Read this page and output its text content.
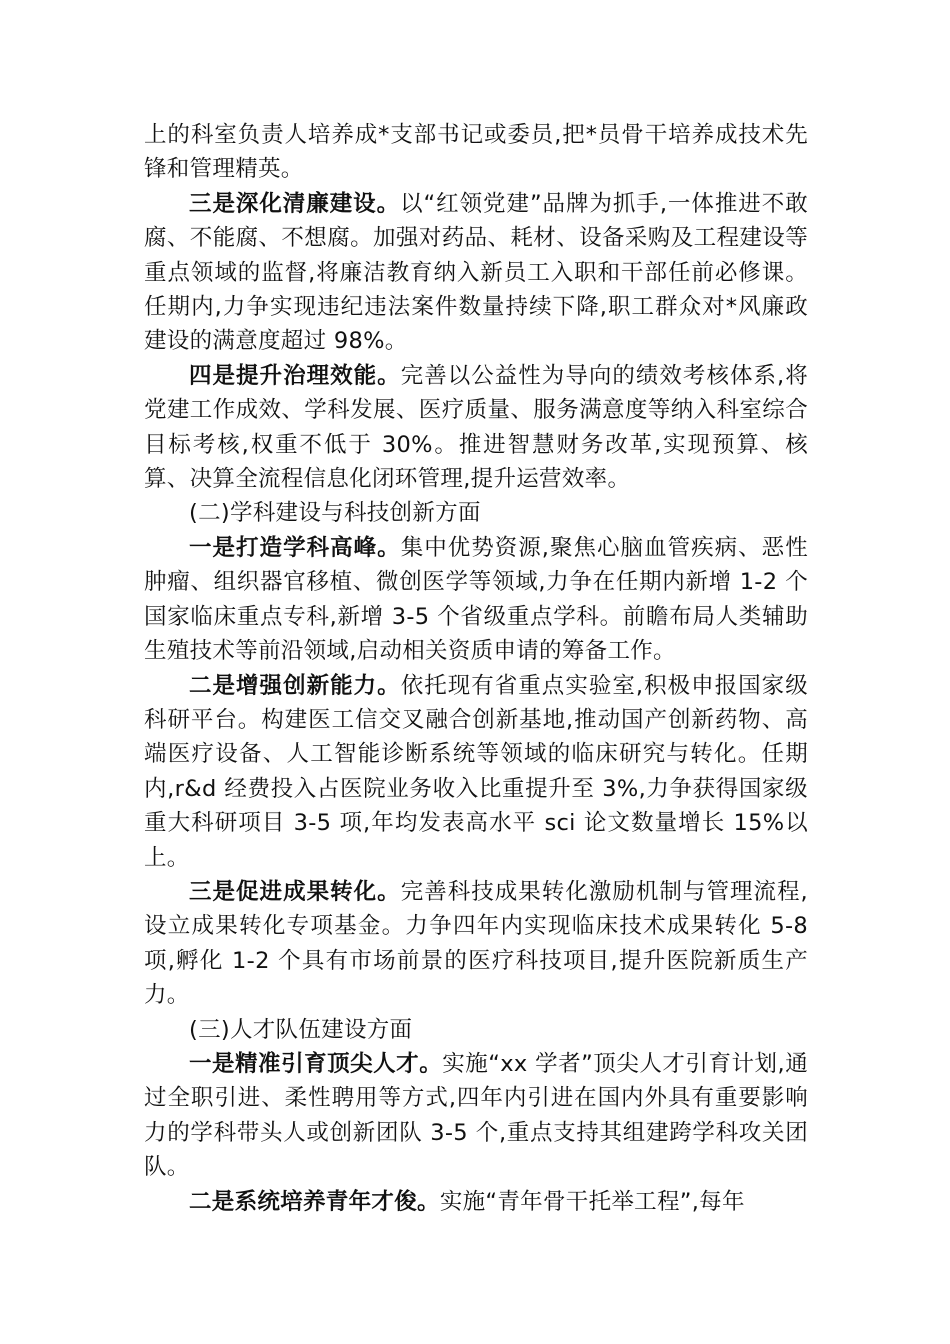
上的科室负责人培养成*支部书记或委员,把*员骨干培养成技术先锋和管理精英。

三是深化清廉建设。以“红领党建”品牌为抓手,一体推进不敢腐、不能腐、不想腐。加强对药品、耗材、设备采购及工程建设等重点领域的监督,将廉洁教育纳入新员工入职和干部任前必修课。任期内,力争实现违纪违法案件数量持续下降,职工群众对*风廉政建设的满意度超过 98%。

四是提升治理效能。完善以公益性为导向的绩效考核体系,将党建工作成效、学科发展、医疗质量、服务满意度等纳入科室综合目标考核,权重不低于 30%。推进智慧财务改革,实现预算、核算、决算全流程信息化闭环管理,提升运营效率。

(二)学科建设与科技创新方面

一是打造学科高峰。集中优势资源,聚焦心脑血管疾病、恶性肿瘤、组织器官移植、微创医学等领域,力争在任期内新增 1-2 个国家临床重点专科,新增 3-5 个省级重点学科。前瞻布局人类辅助生殖技术等前沿领域,启动相关资质申请的筹备工作。

二是增强创新能力。依托现有省重点实验室,积极申报国家级科研平台。构建医工信交叉融合创新基地,推动国产创新药物、高端医疗设备、人工智能诊断系统等领域的临床研究与转化。任期内,r&d 经费投入占医院业务收入比重提升至 3%,力争获得国家级重大科研项目 3-5 项,年均发表高水平 sci 论文数量增长 15%以上。

三是促进成果转化。完善科技成果转化激励机制与管理流程,设立成果转化专项基金。力争四年内实现临床技术成果转化 5-8 项,孵化 1-2 个具有市场前景的医疗科技项目,提升医院新质生产力。

(三)人才队伍建设方面

一是精准引育顶尖人才。实施“xx 学者”顶尖人才引育计划,通过全职引进、柔性聘用等方式,四年内引进在国内外具有重要影响力的学科带头人或创新团队 3-5 个,重点支持其组建跨学科攻关团队。

二是系统培养青年才俊。实施“青年骨干托举工程”,每年
